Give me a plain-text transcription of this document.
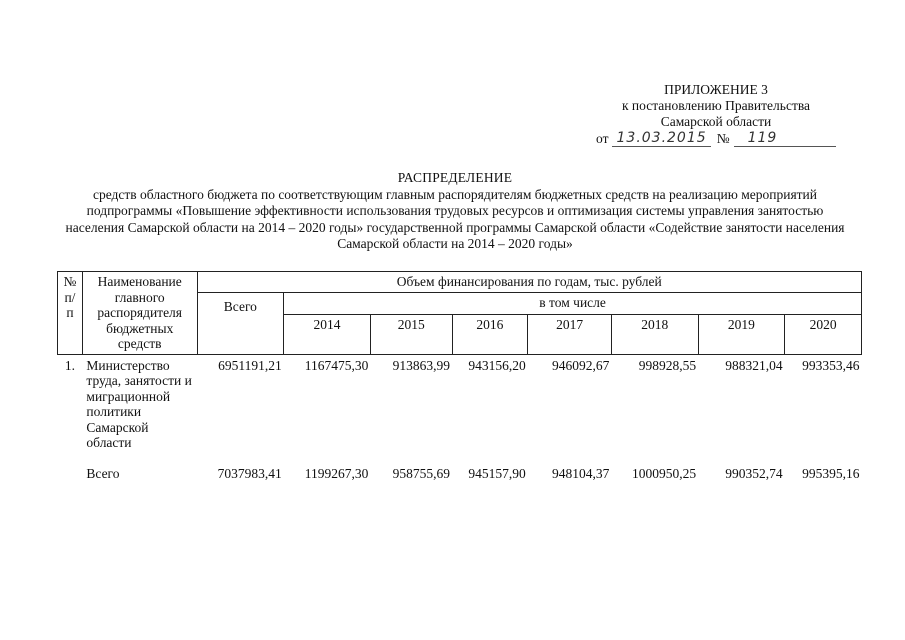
ПРИЛОЖЕНИЕ 3
к постановлению Правительства
Самарской области
от 13.03.2015 №	119
РАСПРЕДЕЛЕНИЕ
средств областного бюджета по соответствующим главным распорядителям бюджетных средств на реализацию мероприятий подпрограммы «Повышение эффективности использования трудовых ресурсов и оптимизация системы управления занятостью населения Самарской области на 2014 – 2020 годы» государственной программы Самарской области «Содействие занятости населения Самарской области на 2014 – 2020 годы»
№ п/п	Наименование главного распорядителя бюджетных средств	Объем финансирования по годам, тыс. рублей							
		Всего	в том числе						
			2014	2015	2016	2017	2018	2019	2020
1.	Министерство труда, занятости и миграционной политики Самарской области	6951191,21	1167475,30	913863,99	943156,20	946092,67	998928,55	988321,04	993353,46
	Всего	7037983,41	1199267,30	958755,69	945157,90	948104,37	1000950,25	990352,74	995395,16
